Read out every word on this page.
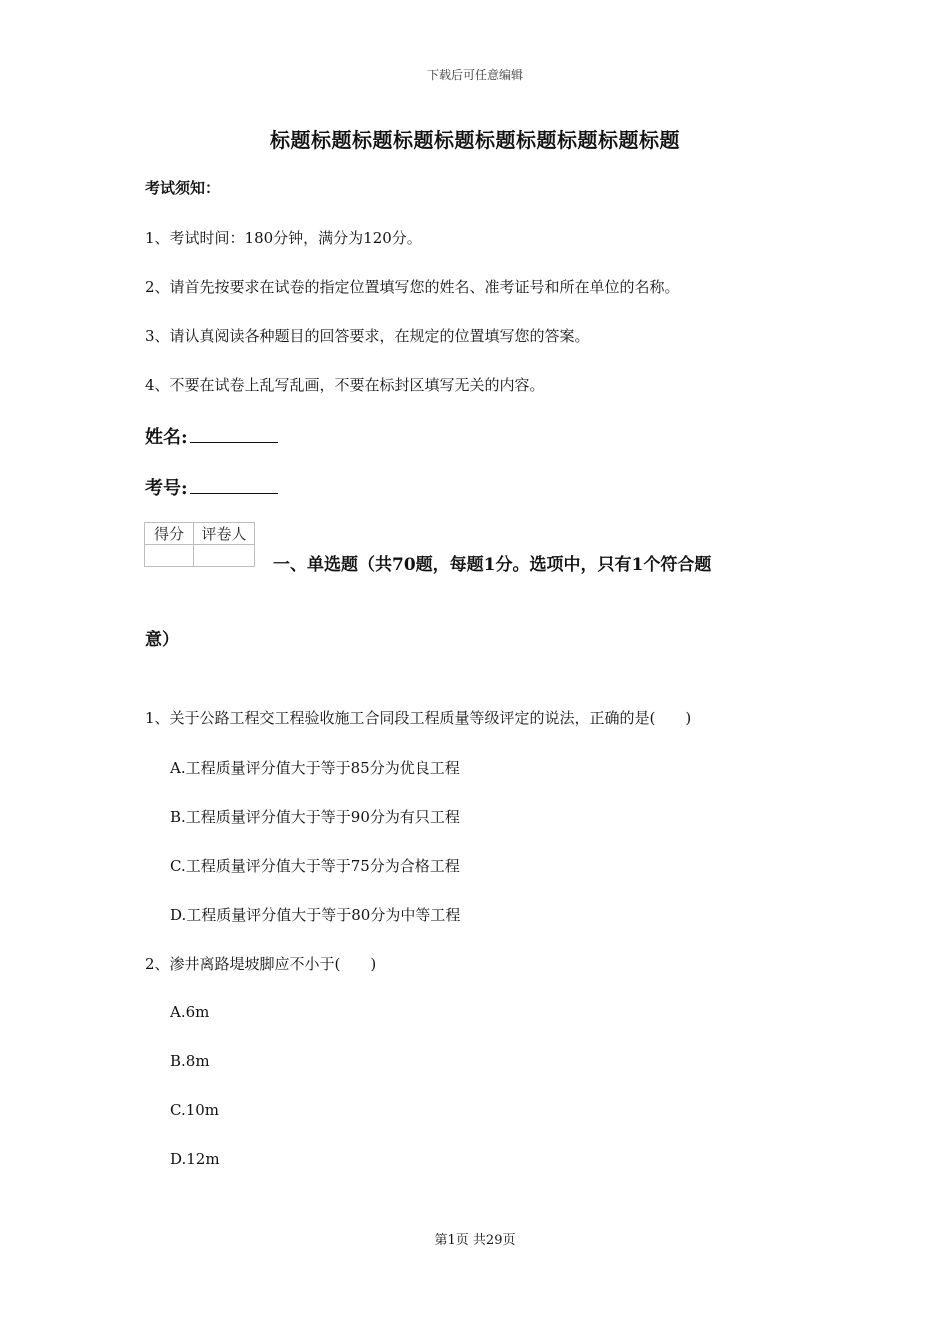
下载后可任意编辑
标题标题标题标题标题标题标题标题标题标题
考试须知：
1、考试时间：180分钟，满分为120分。
2、请首先按要求在试卷的指定位置填写您的姓名、准考证号和所在单位的名称。
3、请认真阅读各种题目的回答要求，在规定的位置填写您的答案。
4、不要在试卷上乱写乱画，不要在标封区填写无关的内容。
姓名:
考号:
得分	评卷人

一、单选题（共70题，每题1分。选项中，只有1个符合题
意）
1、关于公路工程交工程验收施工合同段工程质量等级评定的说法，正确的是(　　)
A.工程质量评分值大于等于85分为优良工程
B.工程质量评分值大于等于90分为有只工程
C.工程质量评分值大于等于75分为合格工程
D.工程质量评分值大于等于80分为中等工程
2、渗井离路堤坡脚应不小于(　　)
A.6m
B.8m
C.10m
D.12m
第1页 共29页
